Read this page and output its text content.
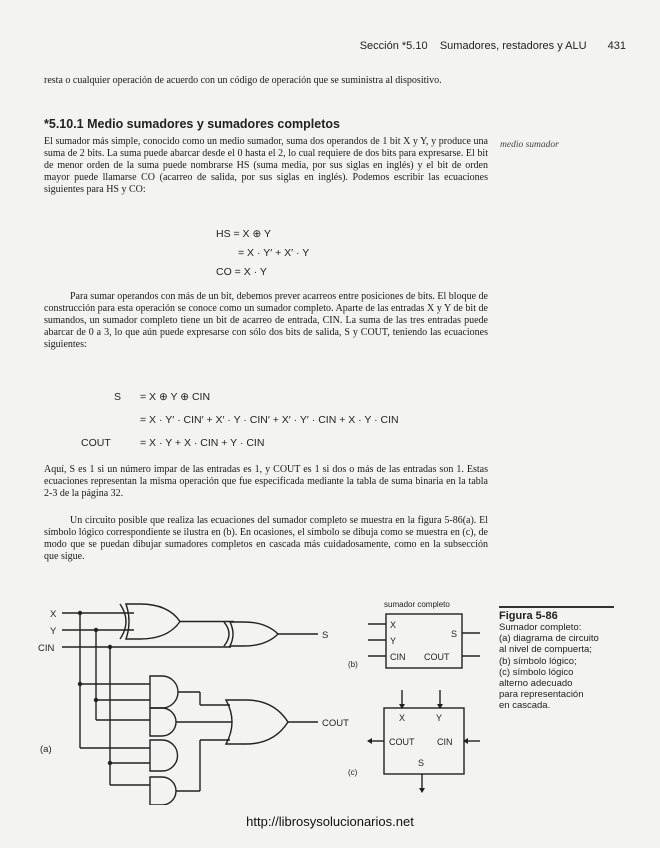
Sección *5.10 Sumadores, restadores y ALU 431
resta o cualquier operación de acuerdo con un código de operación que se suministra al dispositivo.
*5.10.1 Medio sumadores y sumadores completos
medio sumador
El sumador más simple, conocido como un medio sumador, suma dos operandos de 1 bit X y Y, y produce una suma de 2 bits. La suma puede abarcar desde el 0 hasta el 2, lo cual requiere de dos bits para expresarse. El bit de menor orden de la suma puede nombrarse HS (suma media, por sus siglas en inglés) y el bit de orden mayor puede llamarse CO (acarreo de salida, por sus siglas en inglés). Podemos escribir las ecuaciones siguientes para HS y CO:
HS = X ⊕ Y
= X · Y′ + X′ · Y
CO = X · Y
Para sumar operandos con más de un bit, debemos prever acarreos entre posiciones de bits. El bloque de construcción para esta operación se conoce como un sumador completo. Aparte de las entradas X y Y de bit de sumandos, un sumador completo tiene un bit de acarreo de entrada, CIN. La suma de las tres entradas puede abarcar de 0 a 3, lo que aún puede expresarse con sólo dos bits de salida, S y COUT, teniendo las ecuaciones siguientes:
S = X ⊕ Y ⊕ CIN
= X · Y′ · CIN′ + X′ · Y · CIN′ + X′ · Y′ · CIN + X · Y · CIN
COUT	= X · Y + X · CIN + Y · CIN
Aquí, S es 1 si un número impar de las entradas es 1, y COUT es 1 si dos o más de las entradas son 1. Estas ecuaciones representan la misma operación que fue especificada mediante la tabla de suma binaria en la tabla 2-3 de la página 32.
Un circuito posible que realiza las ecuaciones del sumador completo se muestra en la figura 5-86(a). El símbolo lógico correspondiente se ilustra en (b). En ocasiones, el símbolo se dibuja como se muestra en (c), de modo que se puedan dibujar sumadores completos en cascada más cuidadosamente, como en la subsección que sigue.
X
Y
CIN
S
COUT
(a)
sumador completo
X
Y
CIN
S
COUT
(b)
X	Y
COUT	CIN
S
(c)
Figura 5-86
Sumador completo:
(a) diagrama de circuito
al nivel de compuerta;
(b) símbolo lógico;
(c) símbolo lógico
alterno adecuado
para representación
en cascada.
http://librosysolucionarios.net
